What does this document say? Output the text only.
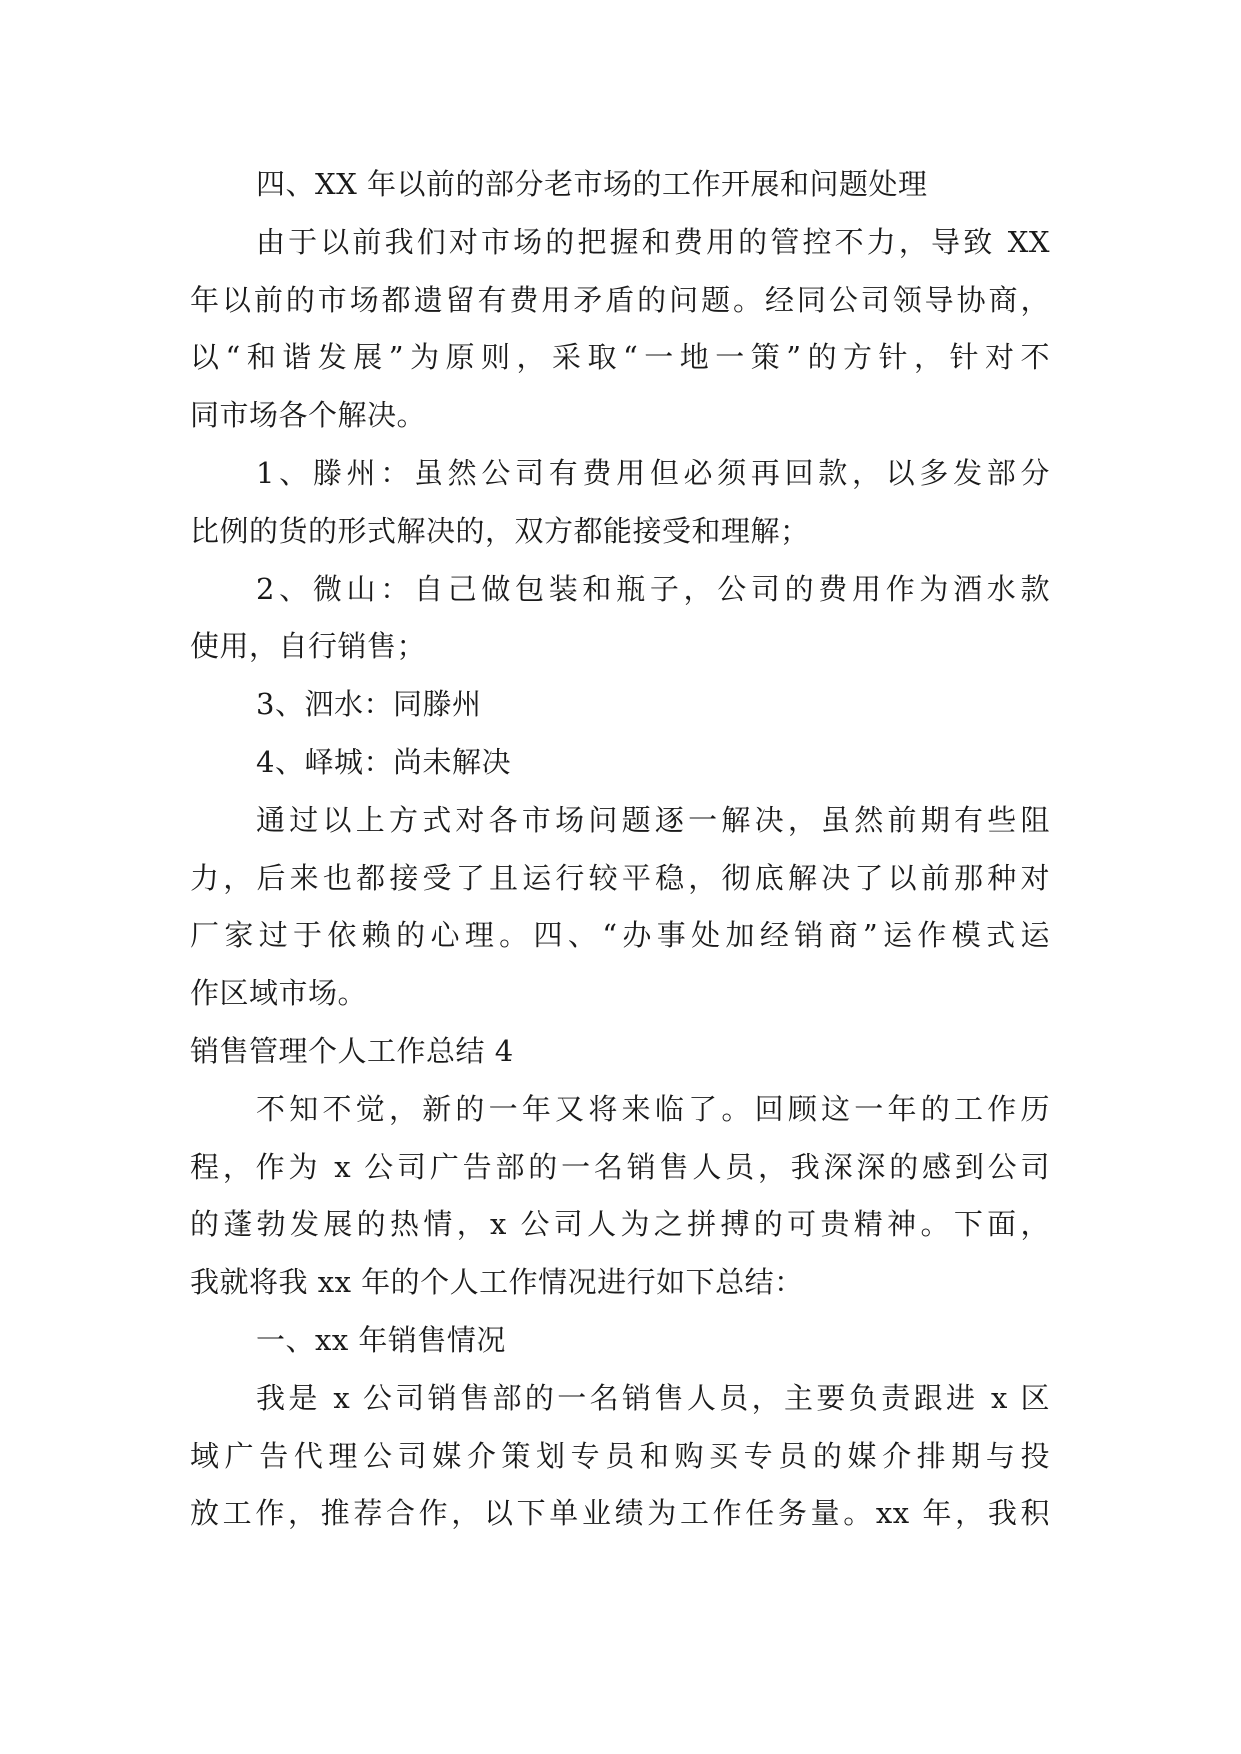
四、XX 年以前的部分老市场的工作开展和问题处理
由于以前我们对市场的把握和费用的管控不力，导致 XX
年以前的市场都遗留有费用矛盾的问题。经同公司领导协商，
以“和谐发展”为原则，采取“一地一策”的方针，针对不
同市场各个解决。
1、滕州：虽然公司有费用但必须再回款，以多发部分
比例的货的形式解决的，双方都能接受和理解；
2、微山：自己做包装和瓶子，公司的费用作为酒水款
使用，自行销售；
3、泗水：同滕州
4、峄城：尚未解决
通过以上方式对各市场问题逐一解决，虽然前期有些阻
力，后来也都接受了且运行较平稳，彻底解决了以前那种对
厂家过于依赖的心理。四、“办事处加经销商”运作模式运
作区域市场。
销售管理个人工作总结 4
不知不觉，新的一年又将来临了。回顾这一年的工作历
程，作为 x 公司广告部的一名销售人员，我深深的感到公司
的蓬勃发展的热情，x 公司人为之拼搏的可贵精神。下面，
我就将我 xx 年的个人工作情况进行如下总结：
一、xx 年销售情况
我是 x 公司销售部的一名销售人员，主要负责跟进 x 区
域广告代理公司媒介策划专员和购买专员的媒介排期与投
放工作，推荐合作，以下单业绩为工作任务量。xx 年，我积
